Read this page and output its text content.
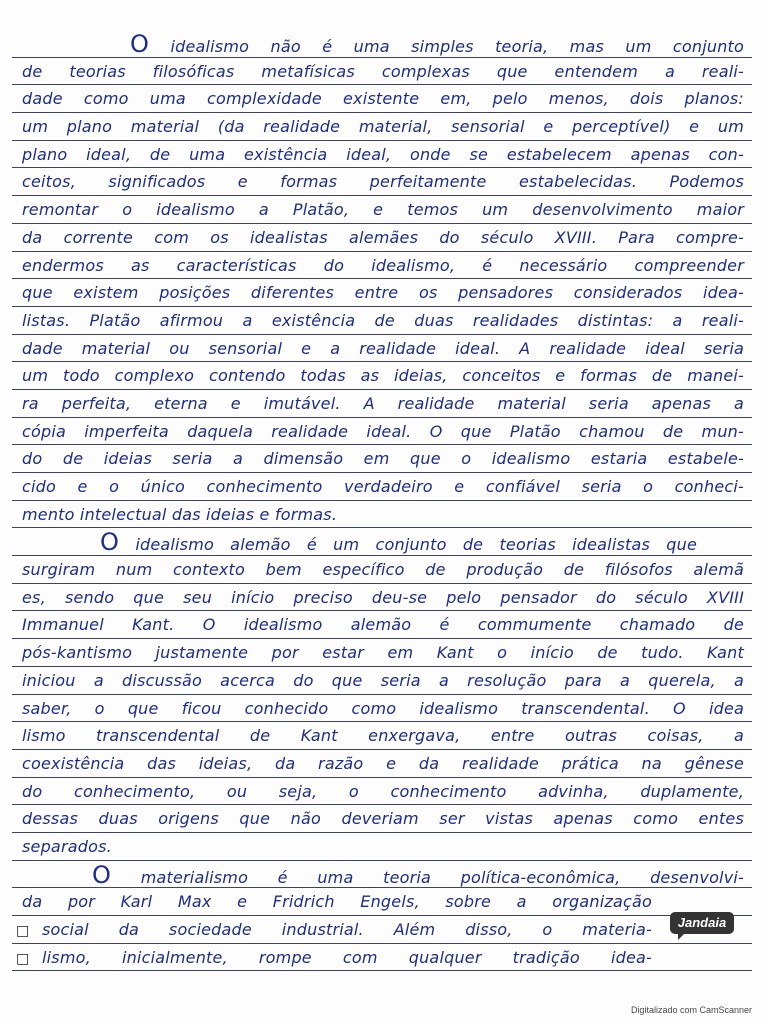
O idealismo não é uma simples teoria, mas um conjunto
de teorias filosóficas metafísicas complexas que entendem a reali-
dade como uma complexidade existente em, pelo menos, dois planos:
um plano material (da realidade material, sensorial e perceptível) e um
plano ideal, de uma existência ideal, onde se estabelecem apenas con-
ceitos, significados e formas perfeitamente estabelecidas. Podemos
remontar o idealismo a Platão, e temos um desenvolvimento maior
da corrente com os idealistas alemães do século XVIII. Para compre-
endermos as características do idealismo, é necessário compreender
que existem posições diferentes entre os pensadores considerados idea-
listas. Platão afirmou a existência de duas realidades distintas: a reali-
dade material ou sensorial e a realidade ideal. A realidade ideal seria
um todo complexo contendo todas as ideias, conceitos e formas de manei-
ra perfeita, eterna e imutável. A realidade material seria apenas a
cópia imperfeita daquela realidade ideal. O que Platão chamou de mun-
do de ideias seria a dimensão em que o idealismo estaria estabele-
cido e o único conhecimento verdadeiro e confiável seria o conheci-
mento intelectual das ideias e formas.
O idealismo alemão é um conjunto de teorias idealistas que
surgiram num contexto bem específico de produção de filósofos alemã
es, sendo que seu início preciso deu-se pelo pensador do século XVIII
Immanuel Kant. O idealismo alemão é commumente chamado de
pós-kantismo justamente por estar em Kant o início de tudo. Kant
iniciou a discussão acerca do que seria a resolução para a querela, a
saber, o que ficou conhecido como idealismo transcendental. O idea
lismo transcendental de Kant enxergava, entre outras coisas, a
coexistência das ideias, da razão e da realidade prática na gênese
do conhecimento, ou seja, o conhecimento advinha, duplamente,
dessas duas origens que não deveriam ser vistas apenas como entes
separados.
O materialismo é uma teoria política-econômica, desenvolvi-
da por Karl Max e Fridrich Engels, sobre a organização
□ social da sociedade industrial. Além disso, o materia-
□ lismo, inicialmente, rompe com qualquer tradição idea-
Jandaia
Digitalizado com CamScanner
